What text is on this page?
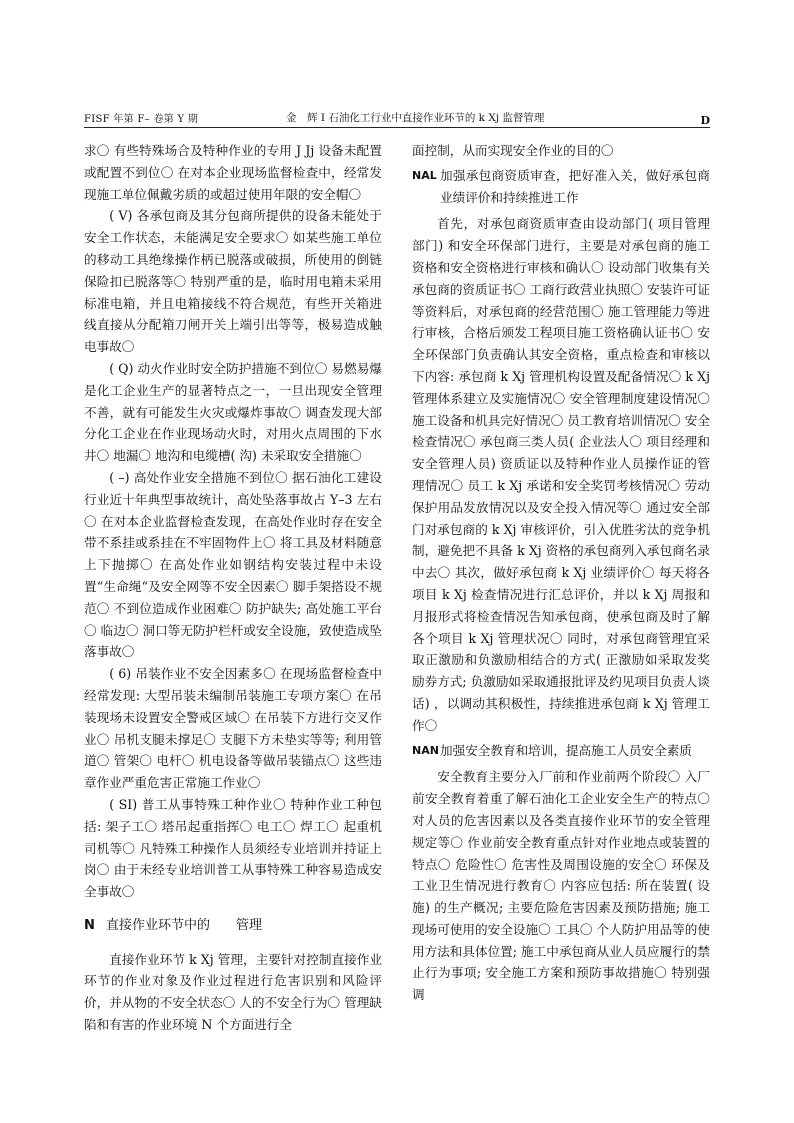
FISF 年第 F– 卷第 Y 期	金　辉 I 石油化工行业中直接作业环节的 k Xj 监督管理	D

求〇 有些特殊场合及特种作业的专用 J Jj 设备未配置或配置不到位〇 在对本企业现场监督检查中，经常发现施工单位佩戴劣质的或超过使用年限的安全帽〇

( V) 各承包商及其分包商所提供的设备未能处于安全工作状态，未能满足安全要求〇 如某些施工单位的移动工具绝缘操作柄已脱落或破损，所使用的倒链保险扣已脱落等〇 特别严重的是，临时用电箱未采用标准电箱，并且电箱接线不符合规范，有些开关箱进线直接从分配箱刀闸开关上端引出等等，极易造成触电事故〇

( Q) 动火作业时安全防护措施不到位〇 易燃易爆是化工企业生产的显著特点之一，一旦出现安全管理不善，就有可能发生火灾或爆炸事故〇 调查发现大部分化工企业在作业现场动火时，对用火点周围的下水井〇 地漏〇 地沟和电缆槽( 沟) 未采取安全措施〇

( –) 高处作业安全措施不到位〇 据石油化工建设行业近十年典型事故统计，高处坠落事故占 Y–3 左右〇 在对本企业监督检查发现，在高处作业时存在安全带不系挂或系挂在不牢固物件上〇 将工具及材料随意上下抛掷〇 在高处作业如钢结构安装过程中未设置“生命绳“及安全网等不安全因素〇 脚手架搭设不规范〇 不到位造成作业困难〇 防护缺失; 高处施工平台〇 临边〇 洞口等无防护栏杆或安全设施，致使造成坠落事故〇

( 6) 吊装作业不安全因素多〇 在现场监督检查中经常发现: 大型吊装未编制吊装施工专项方案〇 在吊装现场未设置安全警戒区域〇 在吊装下方进行交叉作业〇 吊机支腿未撑足〇 支腿下方未垫实等等; 利用管道〇 管架〇 电杆〇 机电设备等做吊装锚点〇 这些违章作业严重危害正常施工作业〇

( SI) 普工从事特殊工种作业〇 特种作业工种包括: 架子工〇 塔吊起重指挥〇 电工〇 焊工〇 起重机司机等〇 凡特殊工种操作人员须经专业培训并持证上岗〇 由于未经专业培训普工从事特殊工种容易造成安全事故〇

N 直接作业环节中的　　管理

直接作业环节 k Xj 管理，主要针对控制直接作业环节的作业对象及作业过程进行危害识别和风险评价，并从物的不安全状态〇 人的不安全行为〇 管理缺陷和有害的作业环境 N 个方面进行全

面控制，从而实现安全作业的目的〇

NAL 加强承包商资质审查，把好准入关，做好承包商　　业绩评价和持续推进工作

首先，对承包商资质审查由设动部门( 项目管理部门) 和安全环保部门进行，主要是对承包商的施工资格和安全资格进行审核和确认〇 设动部门收集有关承包商的资质证书〇 工商行政营业执照〇 安装许可证等资料后，对承包商的经营范围〇 施工管理能力等进行审核，合格后颁发工程项目施工资格确认证书〇 安全环保部门负责确认其安全资格，重点检查和审核以下内容: 承包商 k Xj 管理机构设置及配备情况〇 k Xj 管理体系建立及实施情况〇 安全管理制度建设情况〇 施工设备和机具完好情况〇 员工教育培训情况〇 安全检查情况〇 承包商三类人员( 企业法人〇 项目经理和安全管理人员) 资质证以及特种作业人员操作证的管理情况〇 员工 k Xj 承诺和安全奖罚考核情况〇 劳动保护用品发放情况以及安全投入情况等〇 通过安全部门对承包商的 k Xj 审核评价，引入优胜劣汰的竞争机制，避免把不具备 k Xj 资格的承包商列入承包商名录中去〇 其次，做好承包商 k Xj 业绩评价〇 每天将各项目 k Xj 检查情况进行汇总评价，并以 k Xj 周报和月报形式将检查情况告知承包商，使承包商及时了解各个项目 k Xj 管理状况〇 同时，对承包商管理宜采取正激励和负激励相结合的方式( 正激励如采取发奖励券方式; 负激励如采取通报批评及约见项目负责人谈话) ，以调动其积极性，持续推进承包商 k Xj 管理工作〇

NAN 加强安全教育和培训，提高施工人员安全素质

安全教育主要分入厂前和作业前两个阶段〇 入厂前安全教育着重了解石油化工企业安全生产的特点〇 对人员的危害因素以及各类直接作业环节的安全管理规定等〇 作业前安全教育重点针对作业地点或装置的特点〇 危险性〇 危害性及周围设施的安全〇 环保及工业卫生情况进行教育〇 内容应包括: 所在装置( 设施) 的生产概况; 主要危险危害因素及预防措施; 施工现场可使用的安全设施〇 工具〇 个人防护用品等的使用方法和具体位置; 施工中承包商从业人员应履行的禁止行为事项; 安全施工方案和预防事故措施〇 特别强调
